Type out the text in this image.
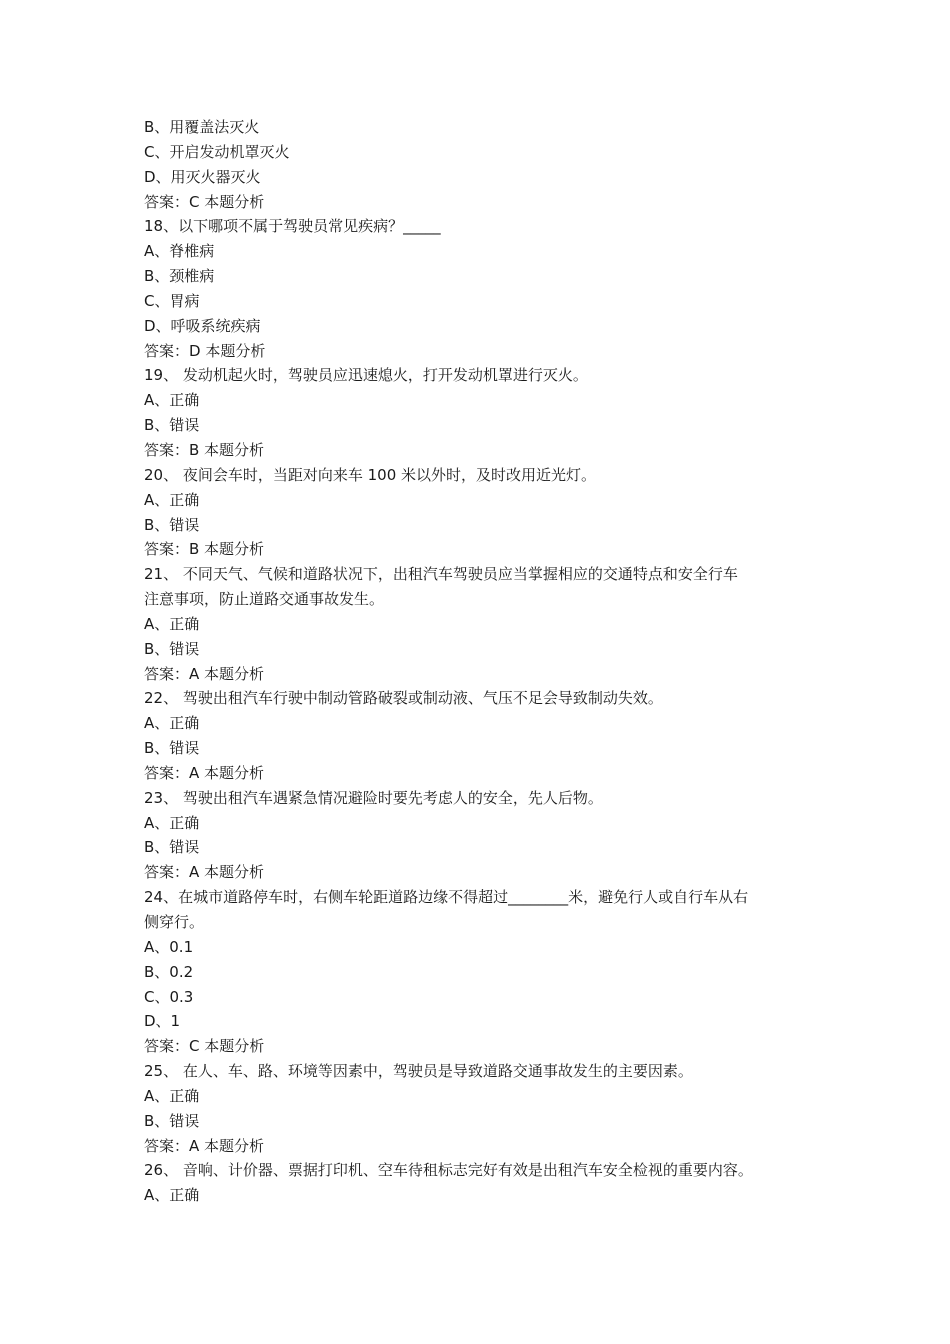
B、用覆盖法灭火
C、开启发动机罩灭火
D、用灭火器灭火
答案：C 本题分析
18、以下哪项不属于驾驶员常见疾病？_____
A、脊椎病
B、颈椎病
C、胃病
D、呼吸系统疾病
答案：D 本题分析
19、 发动机起火时，驾驶员应迅速熄火，打开发动机罩进行灭火。
A、正确
B、错误
答案：B 本题分析
20、 夜间会车时，当距对向来车 100 米以外时，及时改用近光灯。
A、正确
B、错误
答案：B 本题分析
21、 不同天气、气候和道路状况下，出租汽车驾驶员应当掌握相应的交通特点和安全行车
注意事项，防止道路交通事故发生。
A、正确
B、错误
答案：A 本题分析
22、 驾驶出租汽车行驶中制动管路破裂或制动液、气压不足会导致制动失效。
A、正确
B、错误
答案：A 本题分析
23、 驾驶出租汽车遇紧急情况避险时要先考虑人的安全，先人后物。
A、正确
B、错误
答案：A 本题分析
24、在城市道路停车时，右侧车轮距道路边缘不得超过________米，避免行人或自行车从右
侧穿行。
A、0.1
B、0.2
C、0.3
D、1
答案：C 本题分析
25、 在人、车、路、环境等因素中，驾驶员是导致道路交通事故发生的主要因素。
A、正确
B、错误
答案：A 本题分析
26、 音响、计价器、票据打印机、空车待租标志完好有效是出租汽车安全检视的重要内容。
A、正确
